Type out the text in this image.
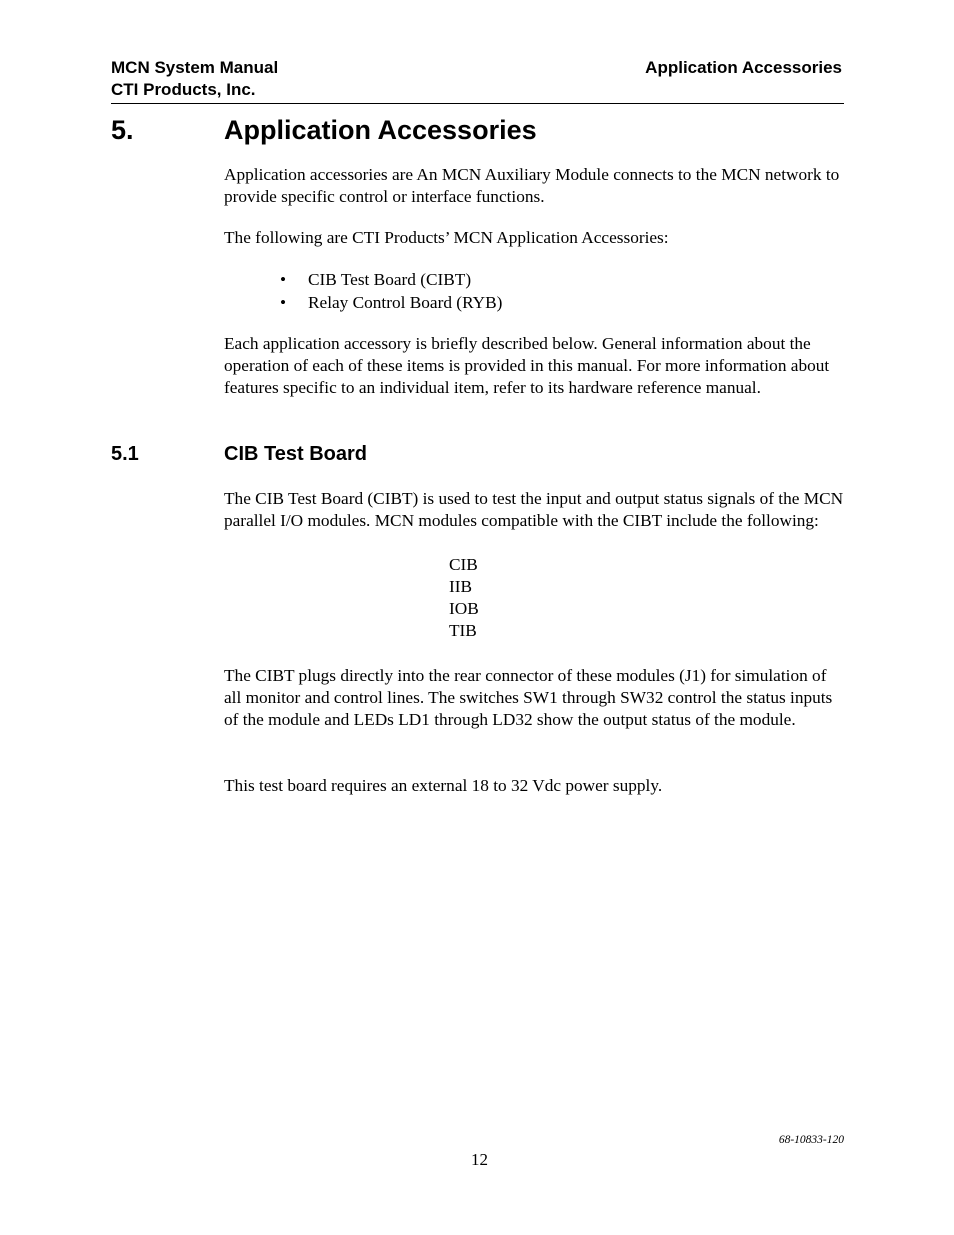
MCN System Manual
CTI Products, Inc.
Application Accessories
5.	Application Accessories
Application accessories are An MCN Auxiliary Module connects to the MCN network to provide specific control or interface functions.
The following are CTI Products’ MCN Application Accessories:
• CIB Test Board (CIBT)
• Relay Control Board (RYB)
Each application accessory is briefly described below. General information about the operation of each of these items is provided in this manual. For more information about features specific to an individual item, refer to its hardware reference manual.
5.1	CIB Test Board
The CIB Test Board (CIBT) is used to test the input and output status signals of the MCN parallel I/O modules. MCN modules compatible with the CIBT include the following:
CIB
IIB
IOB
TIB
The CIBT plugs directly into the rear connector of these modules (J1) for simulation of all monitor and control lines. The switches SW1 through SW32 control the status inputs of the module and LEDs LD1 through LD32 show the output status of the module.
This test board requires an external 18 to 32 Vdc power supply.
68-10833-120
12
